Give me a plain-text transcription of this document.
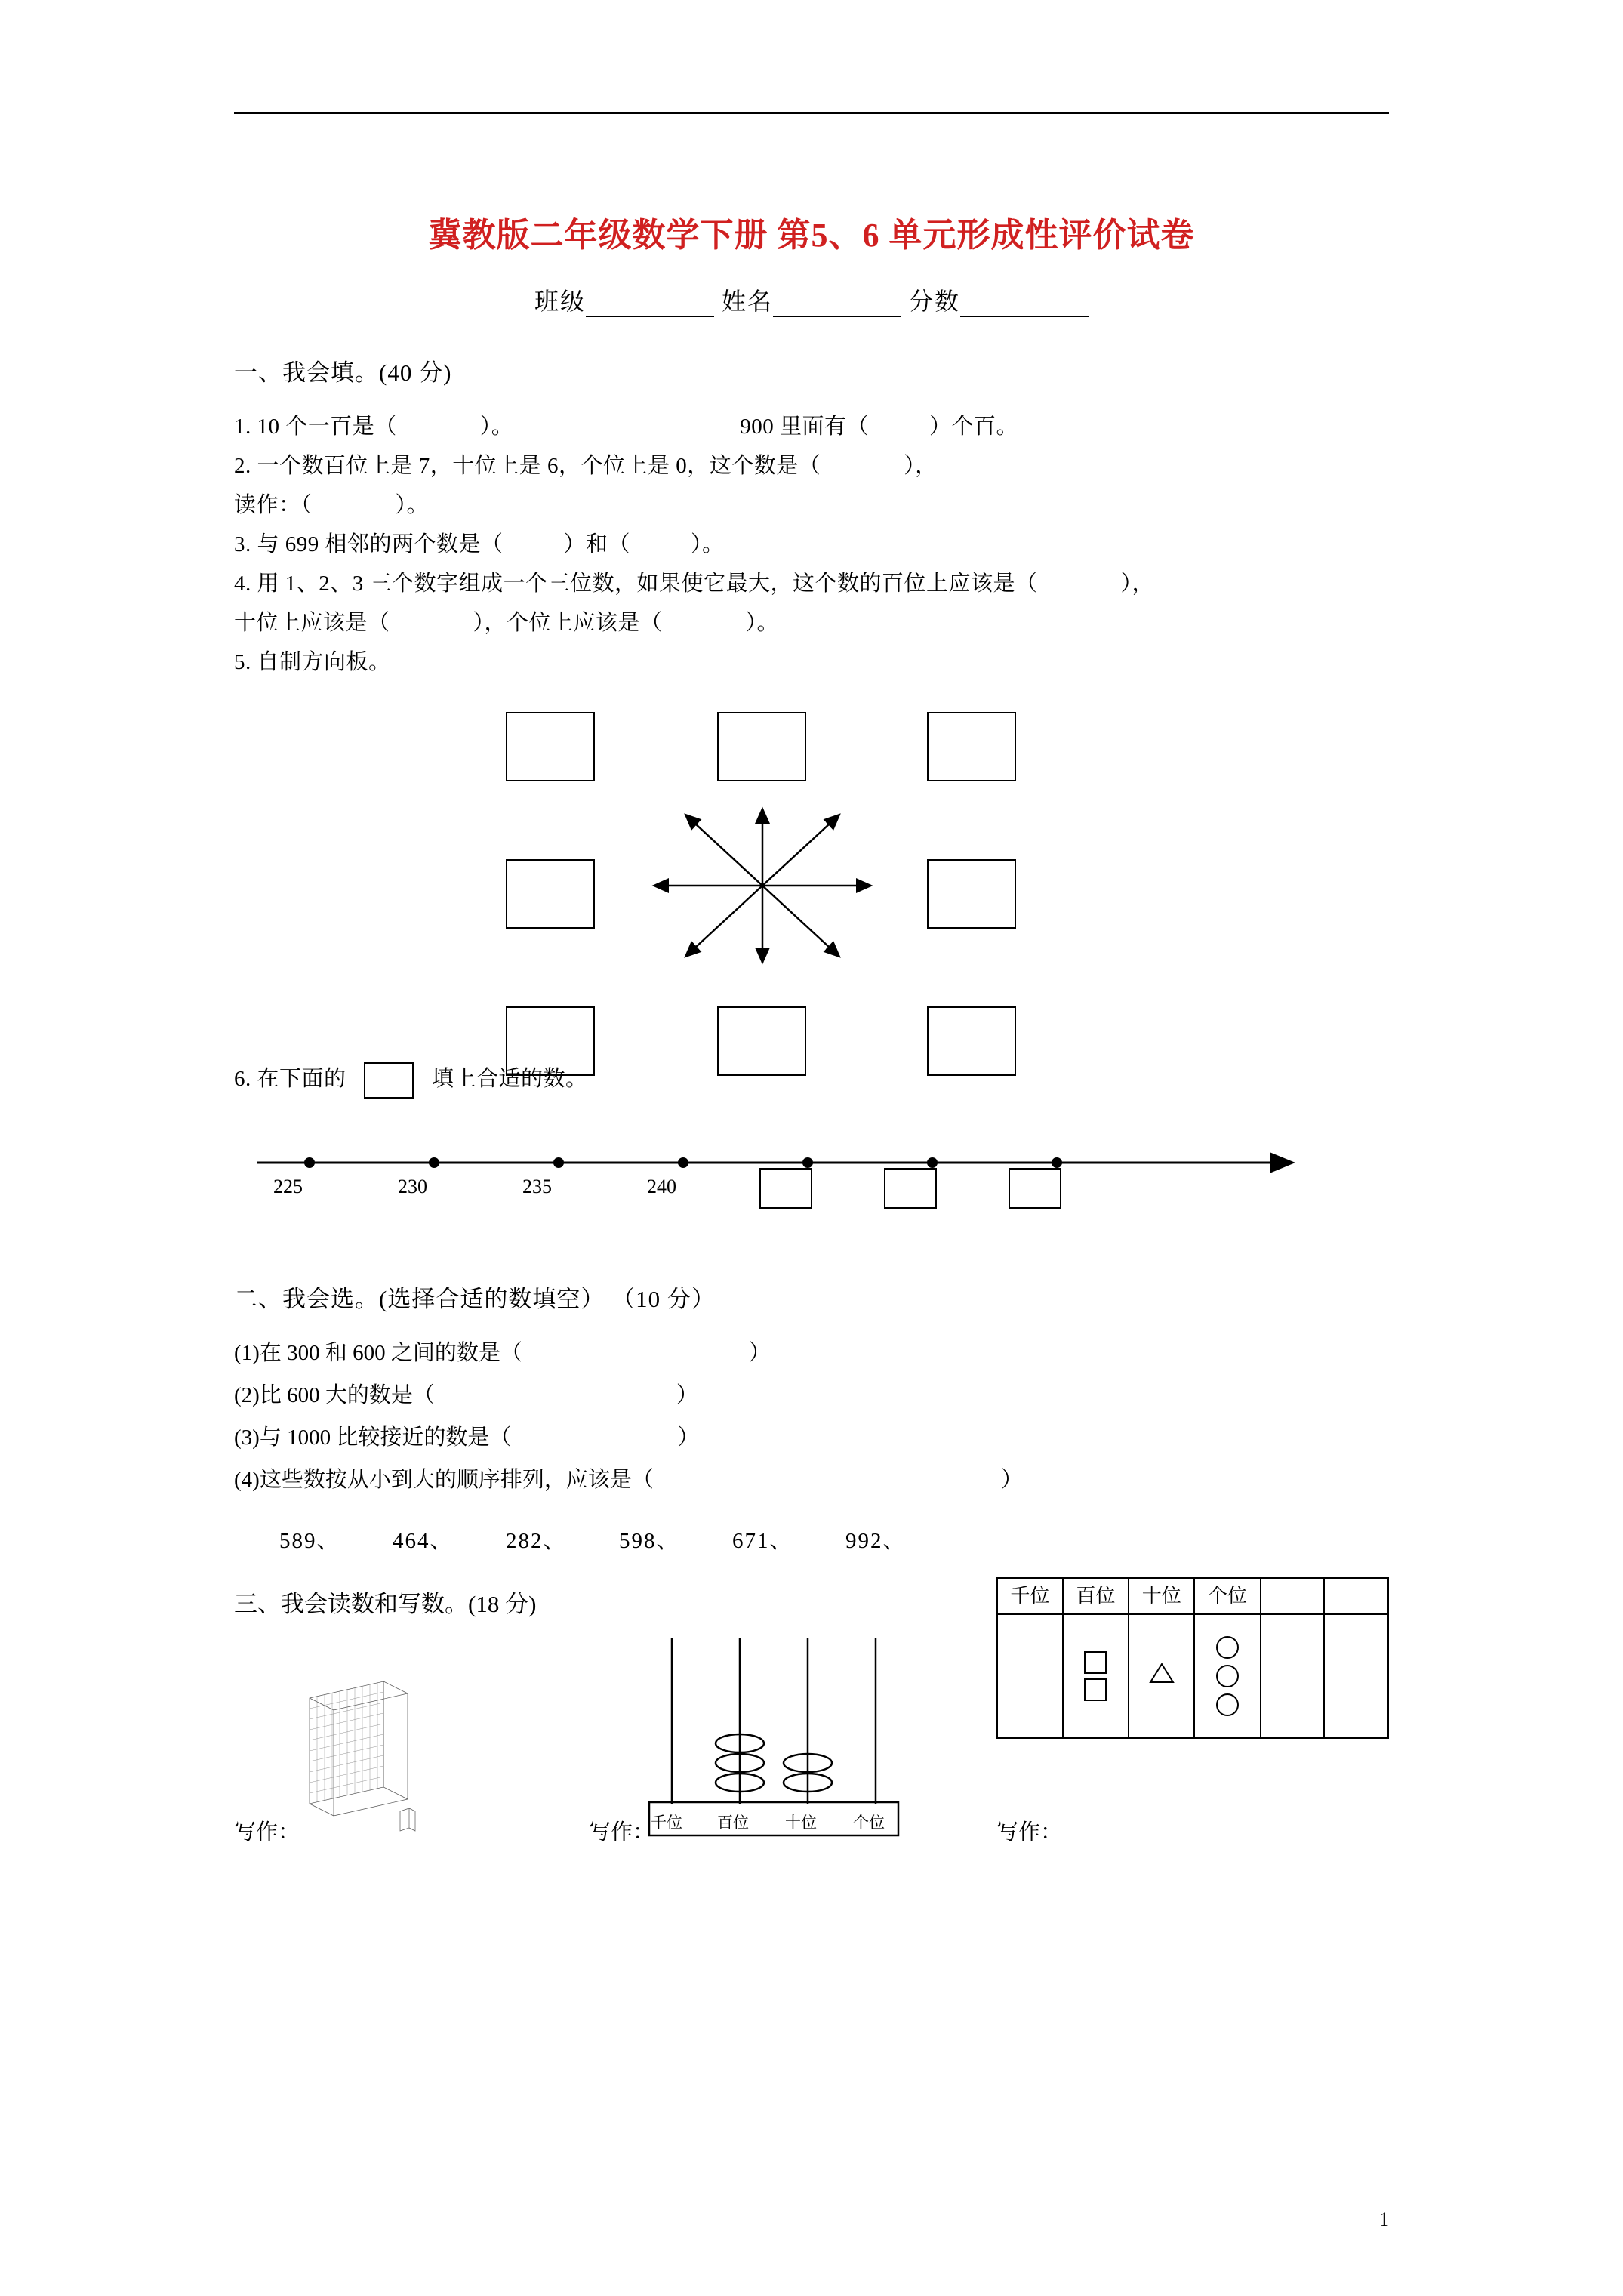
冀教版二年级数学下册 第5、6 单元形成性评价试卷
班级	姓名	分数
一、我会填。(40 分)
1. 10 个一百是（	）。	900 里面有（	）个百。
2. 一个数百位上是 7，十位上是 6，个位上是 0，这个数是（	），
读作：（	）。
3. 与 699 相邻的两个数是（	）和（	）。
4. 用 1、2、3 三个数字组成一个三位数，如果使它最大，这个数的百位上应该是（	），
十位上应该是（	），个位上应该是（	）。
5. 自制方向板。
6. 在下面的	填上合适的数。
225	230	235	240
二、我会选。(选择合适的数填空） （10 分）
(1)在 300 和 600 之间的数是（	）
(2)比 600 大的数是（	）
(3)与 1000 比较接近的数是（	）
(4)这些数按从小到大的顺序排列，应该是（	）
589、 464、 282、 598、 671、 992、
三、我会读数和写数。(18 分)
千位 百位 十位 个位
千位	百位	十位	个位		

写作：	写作：	写作：
1
